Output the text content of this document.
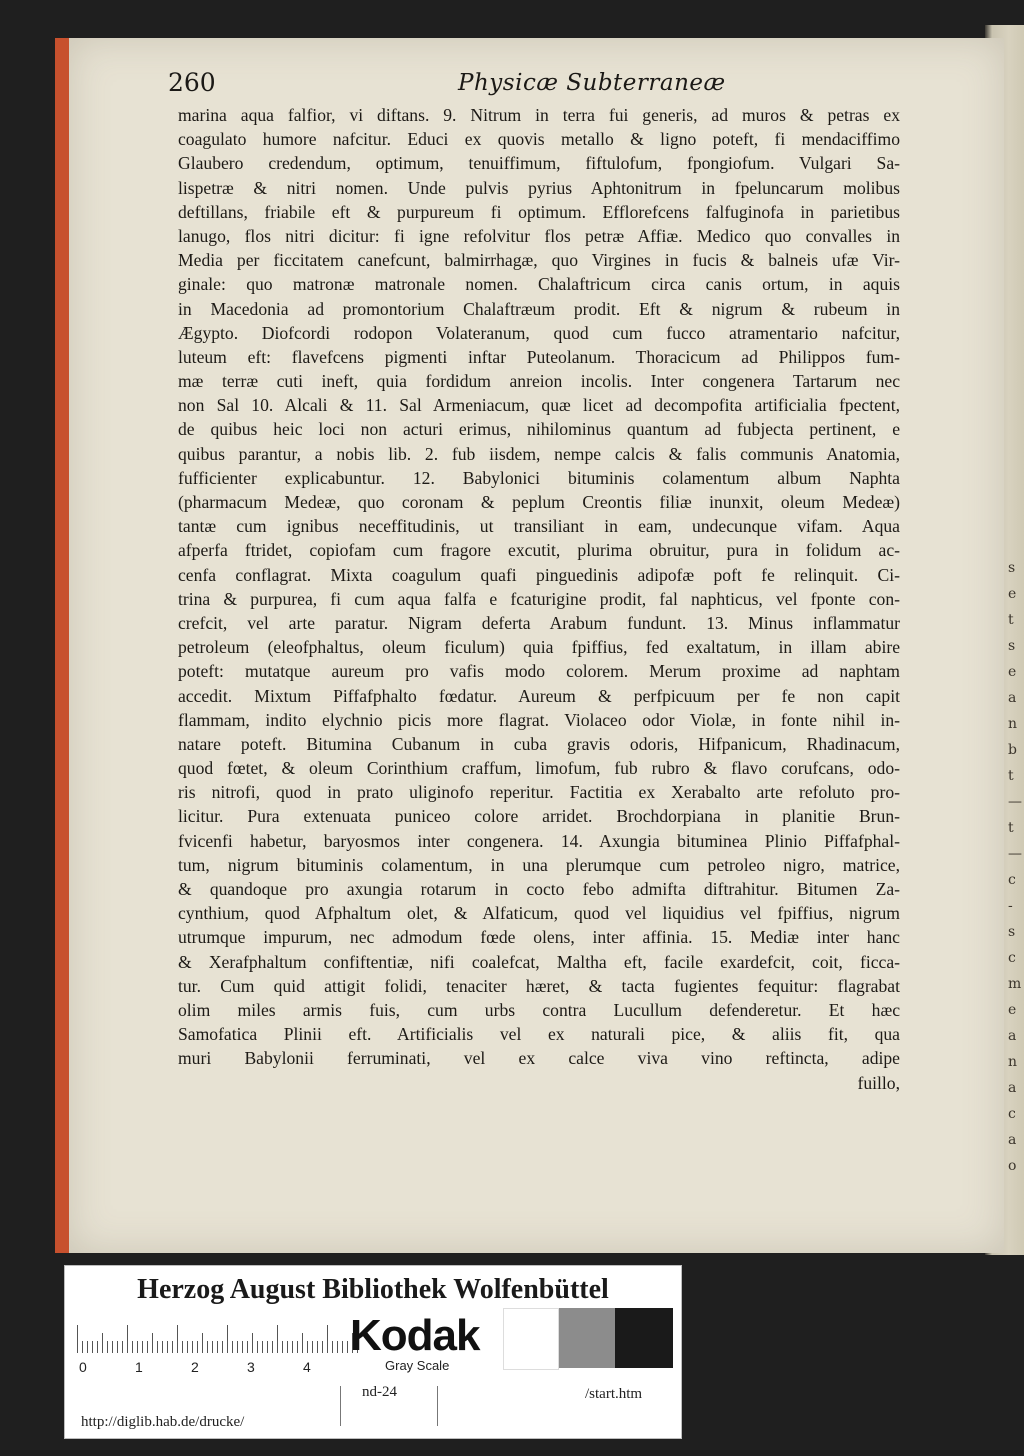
s
e
t
s
e
a
n
b
t
—
t
—
c
-
s
c
m
e
a
n
a
c
a
o
260	Physicæ Subterraneæ
marina aqua falfior, vi diftans. 9. Nitrum in terra fui generis, ad muros & petras ex
coagulato humore nafcitur. Educi ex quovis metallo & ligno poteft, fi mendaciffimo
Glaubero credendum, optimum, tenuiffimum, fiftulofum, fpongiofum. Vulgari Sa-
lispetræ & nitri nomen. Unde pulvis pyrius Aphtonitrum in fpeluncarum molibus
deftillans, friabile eft & purpureum fi optimum. Efflorefcens falfuginofa in parietibus
lanugo, flos nitri dicitur: fi igne refolvitur flos petræ Affiæ. Medico quo convalles in
Media per ficcitatem canefcunt, balmirrhagæ, quo Virgines in fucis & balneis ufæ Vir-
ginale: quo matronæ matronale nomen. Chalaftricum circa canis ortum, in aquis
in Macedonia ad promontorium Chalaftræum prodit. Eft & nigrum & rubeum in
Ægypto. Diofcordi rodopon Volateranum, quod cum fucco atramentario nafcitur,
luteum eft: flavefcens pigmenti inftar Puteolanum. Thoracicum ad Philippos fum-
mæ terræ cuti ineft, quia fordidum anreion incolis. Inter congenera Tartarum nec
non Sal 10. Alcali & 11. Sal Armeniacum, quæ licet ad decompofita artificialia fpectent,
de quibus heic loci non acturi erimus, nihilominus quantum ad fubjecta pertinent, e
quibus parantur, a nobis lib. 2. fub iisdem, nempe calcis & falis communis Anatomia,
fufficienter explicabuntur. 12. Babylonici bituminis colamentum album Naphta
(pharmacum Medeæ, quo coronam & peplum Creontis filiæ inunxit, oleum Medeæ)
tantæ cum ignibus neceffitudinis, ut transiliant in eam, undecunque vifam. Aqua
afperfa ftridet, copiofam cum fragore excutit, plurima obruitur, pura in folidum ac-
cenfa conflagrat. Mixta coagulum quafi pinguedinis adipofæ poft fe relinquit. Ci-
trina & purpurea, fi cum aqua falfa e fcaturigine prodit, fal naphticus, vel fponte con-
crefcit, vel arte paratur. Nigram deferta Arabum fundunt. 13. Minus inflammatur
petroleum (eleofphaltus, oleum ficulum) quia fpiffius, fed exaltatum, in illam abire
poteft: mutatque aureum pro vafis modo colorem. Merum proxime ad naphtam
accedit. Mixtum Piffafphalto fœdatur. Aureum & perfpicuum per fe non capit
flammam, indito elychnio picis more flagrat. Violaceo odor Violæ, in fonte nihil in-
natare poteft. Bitumina Cubanum in cuba gravis odoris, Hifpanicum, Rhadinacum,
quod fœtet, & oleum Corinthium craffum, limofum, fub rubro & flavo corufcans, odo-
ris nitrofi, quod in prato uliginofo reperitur. Factitia ex Xerabalto arte refoluto pro-
licitur. Pura extenuata puniceo colore arridet. Brochdorpiana in planitie Brun-
fvicenfi habetur, baryosmos inter congenera. 14. Axungia bituminea Plinio Piffafphal-
tum, nigrum bituminis colamentum, in una plerumque cum petroleo nigro, matrice,
& quandoque pro axungia rotarum in cocto febo admifta diftrahitur. Bitumen Za-
cynthium, quod Afphaltum olet, & Alfaticum, quod vel liquidius vel fpiffius, nigrum
utrumque impurum, nec admodum fœde olens, inter affinia. 15. Mediæ inter hanc
& Xerafphaltum confiftentiæ, nifi coalefcat, Maltha eft, facile exardefcit, coit, ficca-
tur. Cum quid attigit folidi, tenaciter hæret, & tacta fugientes fequitur: flagrabat
olim miles armis fuis, cum urbs contra Lucullum defenderetur. Et hæc
Samofatica Plinii eft. Artificialis vel ex naturali pice, & aliis fit, qua
muri Babylonii ferruminati, vel ex calce viva vino reftincta, adipe
fuillo,
Herzog August Bibliothek Wolfenbüttel
0	1	2	3	4
Kodak
Gray Scale
http://diglib.hab.de/drucke/
nd-24	/start.htm
